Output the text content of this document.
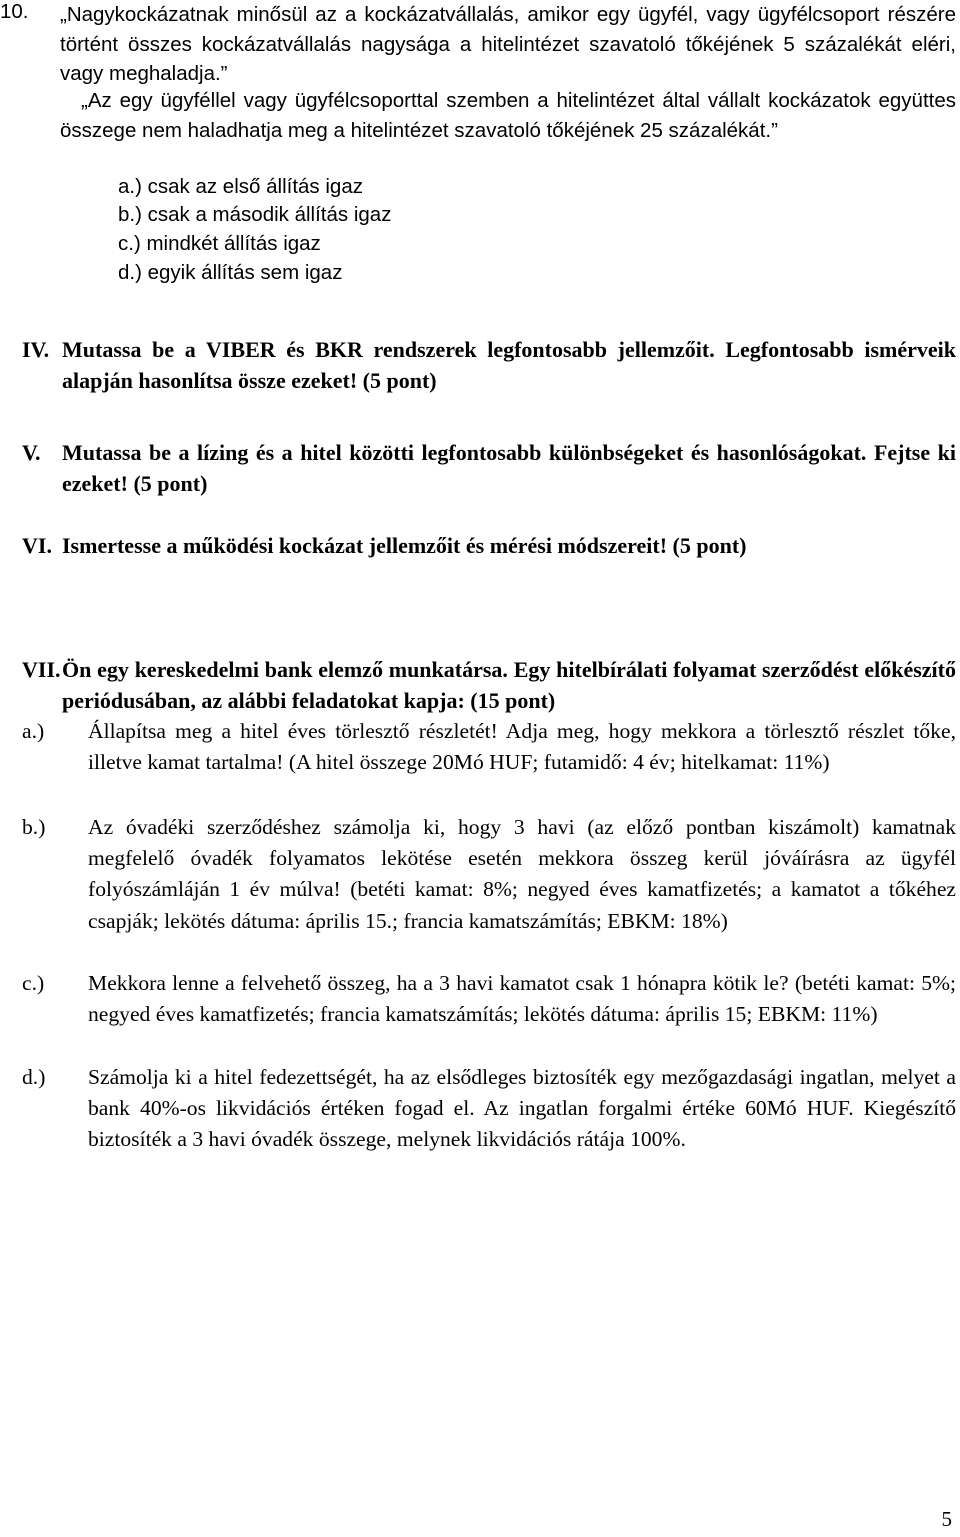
10. „Nagykockázatnak minősül az a kockázatvállalás, amikor egy ügyfél, vagy ügyfélcsoport részére történt összes kockázatvállalás nagysága a hitelintézet szavatoló tőkéjének 5 százalékát eléri, vagy meghaladja.”
„Az egy ügyféllel vagy ügyfélcsoporttal szemben a hitelintézet által vállalt kockázatok együttes összege nem haladhatja meg a hitelintézet szavatoló tőkéjének 25 százalékát.”
a.) csak az első állítás igaz
b.) csak a második állítás igaz
c.) mindkét állítás igaz
d.) egyik állítás sem igaz
IV. Mutassa be a VIBER és BKR rendszerek legfontosabb jellemzőit. Legfontosabb ismérveik alapján hasonlítsa össze ezeket! (5 pont)
V. Mutassa be a lízing és a hitel közötti legfontosabb különbségeket és hasonlóságokat. Fejtse ki ezeket! (5 pont)
VI. Ismertesse a működési kockázat jellemzőit és mérési módszereit! (5 pont)
VII. Ön egy kereskedelmi bank elemző munkatársa. Egy hitelbírálati folyamat szerződést előkészítő periódusában, az alábbi feladatokat kapja: (15 pont)
a.) Állapítsa meg a hitel éves törlesztő részletét! Adja meg, hogy mekkora a törlesztő részlet tőke, illetve kamat tartalma! (A hitel összege 20Mó HUF; futamidő: 4 év; hitelkamat: 11%)
b.) Az óvadéki szerződéshez számolja ki, hogy 3 havi (az előző pontban kiszámolt) kamatnak megfelelő óvadék folyamatos lekötése esetén mekkora összeg kerül jóváírásra az ügyfél folyószámláján 1 év múlva! (betéti kamat: 8%; negyed éves kamatfizetés; a kamatot a tőkéhez csapják; lekötés dátuma: április 15.; francia kamatszámítás; EBKM: 18%)
c.) Mekkora lenne a felvehető összeg, ha a 3 havi kamatot csak 1 hónapra kötik le? (betéti kamat: 5%; negyed éves kamatfizetés; francia kamatszámítás; lekötés dátuma: április 15; EBKM: 11%)
d.) Számolja ki a hitel fedezettségét, ha az elsődleges biztosíték egy mezőgazdasági ingatlan, melyet a bank 40%-os likvidációs értéken fogad el. Az ingatlan forgalmi értéke 60Mó HUF. Kiegészítő biztosíték a 3 havi óvadék összege, melynek likvidációs rátája 100%.
5
